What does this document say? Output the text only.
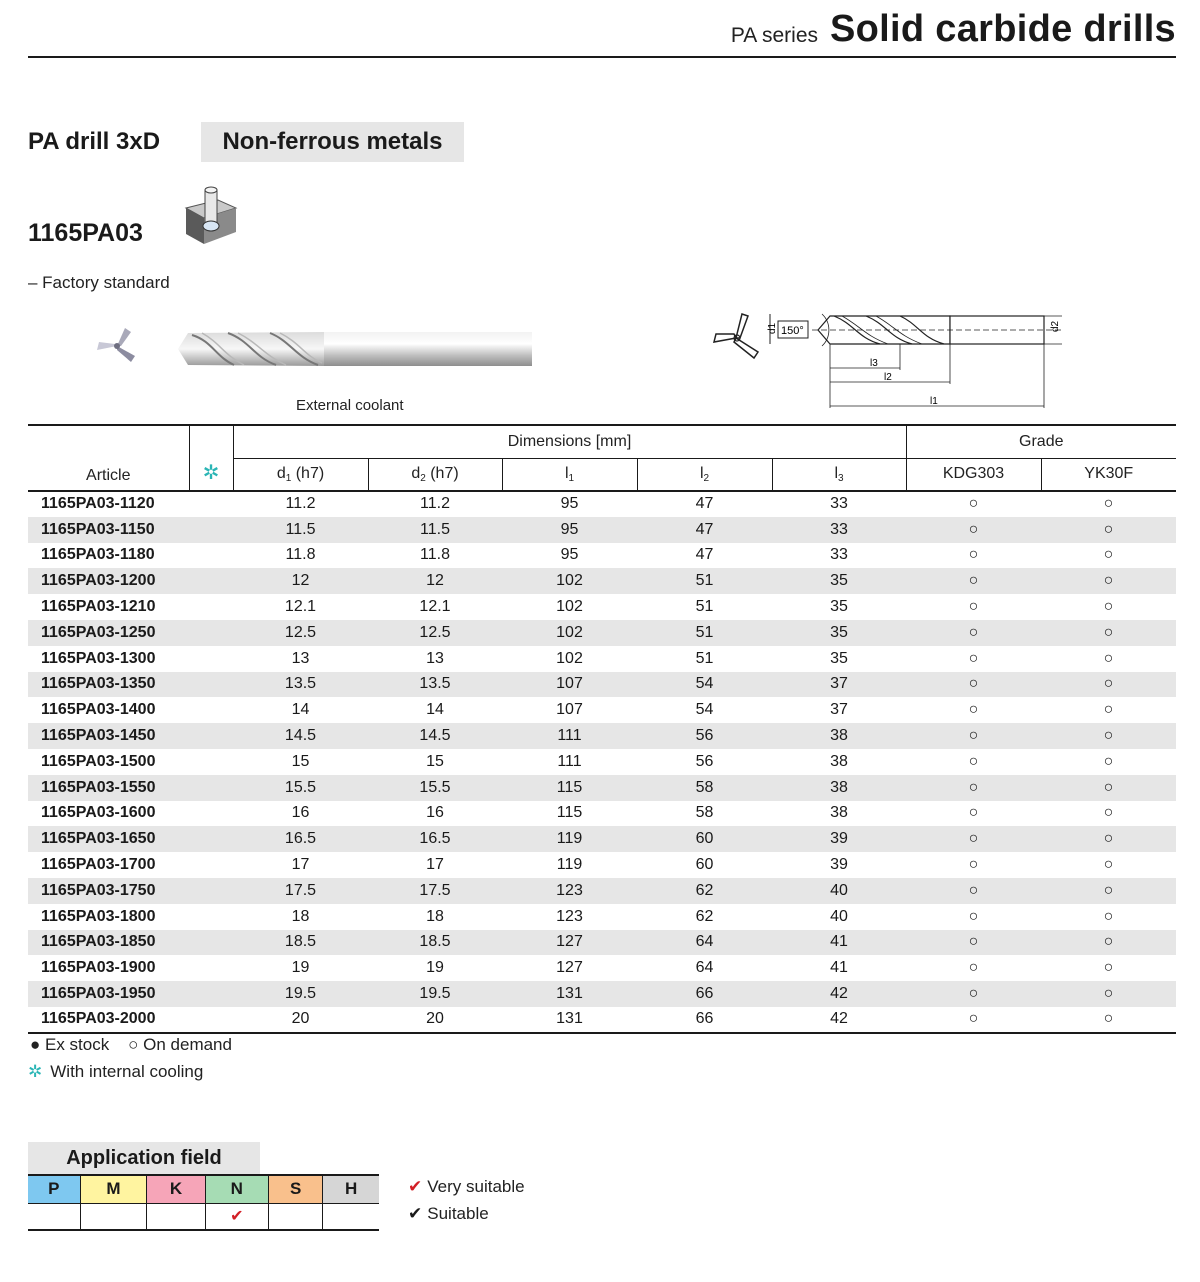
PA series Solid carbide drills
PA drill 3xD	Non-ferrous metals
1165PA03
– Factory standard
External coolant
d1 150°	d2
l3
l2
l1
Article	✲	Dimensions [mm]					Grade	
		$d_1$ (h7)	$d_2$ (h7)	$l_1$	$l_2$	$l_3$	KDG303	YK30F
1165PA03-1120		11.2	11.2	95	47	33	○	○
1165PA03-1150		11.5	11.5	95	47	33	○	○
1165PA03-1180		11.8	11.8	95	47	33	○	○
1165PA03-1200		12	12	102	51	35	○	○
1165PA03-1210		12.1	12.1	102	51	35	○	○
1165PA03-1250		12.5	12.5	102	51	35	○	○
1165PA03-1300		13	13	102	51	35	○	○
1165PA03-1350		13.5	13.5	107	54	37	○	○
1165PA03-1400		14	14	107	54	37	○	○
1165PA03-1450		14.5	14.5	111	56	38	○	○
1165PA03-1500		15	15	111	56	38	○	○
1165PA03-1550		15.5	15.5	115	58	38	○	○
1165PA03-1600		16	16	115	58	38	○	○
1165PA03-1650		16.5	16.5	119	60	39	○	○
1165PA03-1700		17	17	119	60	39	○	○
1165PA03-1750		17.5	17.5	123	62	40	○	○
1165PA03-1800		18	18	123	62	40	○	○
1165PA03-1850		18.5	18.5	127	64	41	○	○
1165PA03-1900		19	19	127	64	41	○	○
1165PA03-1950		19.5	19.5	131	66	42	○	○
1165PA03-2000		20	20	131	66	42	○	○
● Ex stock ○ On demand
✲ With internal cooling
Application field
P	M	K	N	S	H
			✔		
✔ Very suitable
✔ Suitable
